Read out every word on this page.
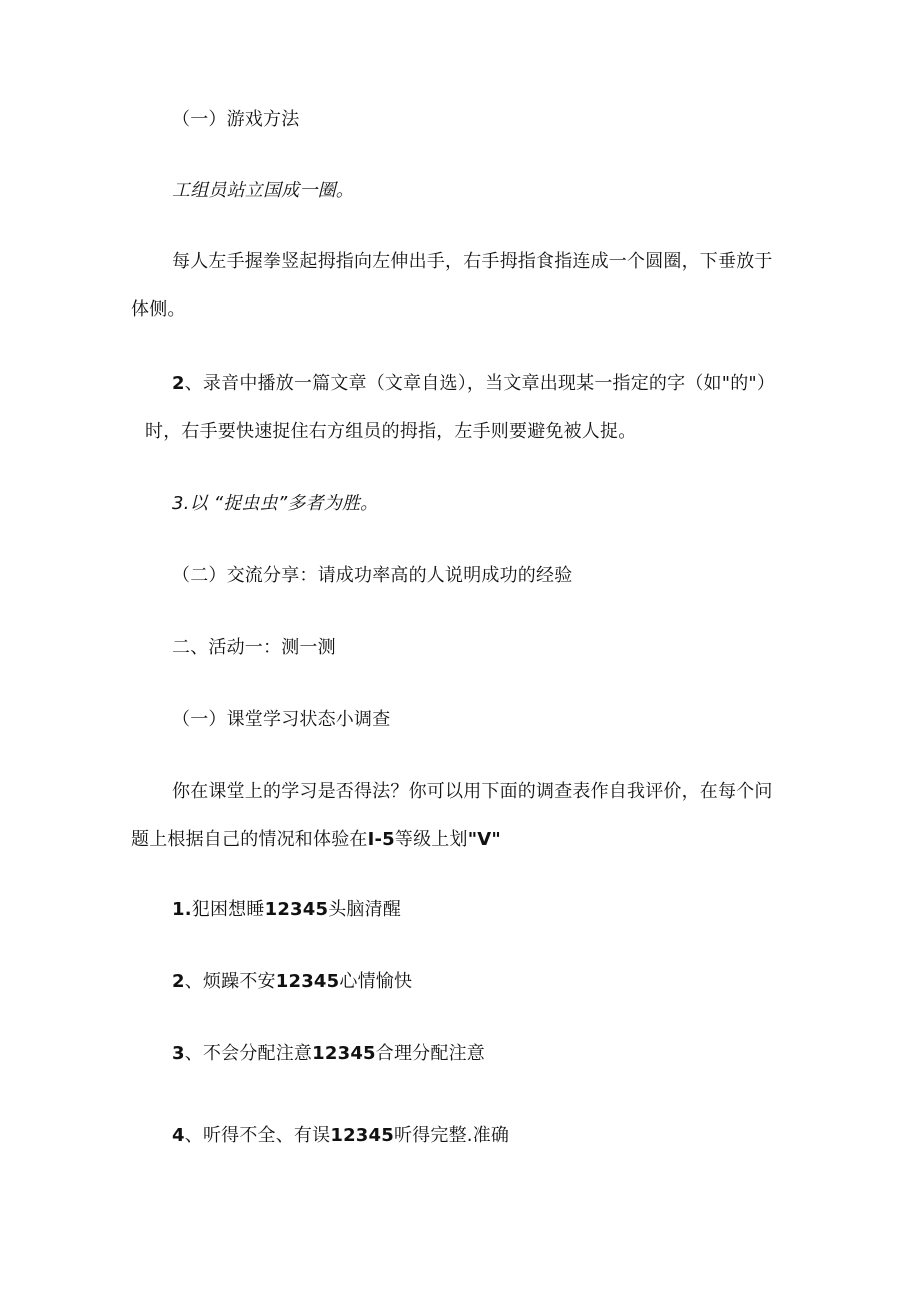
（一）游戏方法
工组员站立国成一圈。
每人左手握拳竖起拇指向左伸出手，右手拇指食指连成一个圆圈，下垂放于
体侧。
2、录音中播放一篇文章（文章自选），当文章出现某一指定的字（如"的"）
时，右手要快速捉住右方组员的拇指，左手则要避免被人捉。
3.以 “捉虫虫”多者为胜。
（二）交流分享：请成功率高的人说明成功的经验
二、活动一：测一测
（一）课堂学习状态小调查
你在课堂上的学习是否得法？你可以用下面的调查表作自我评价，在每个问
题上根据自己的情况和体验在I-5等级上划"V"
1.犯困想睡12345头脑清醒
2、烦躁不安12345心情愉快
3、不会分配注意12345合理分配注意
4、听得不全、有误12345听得完整.准确
